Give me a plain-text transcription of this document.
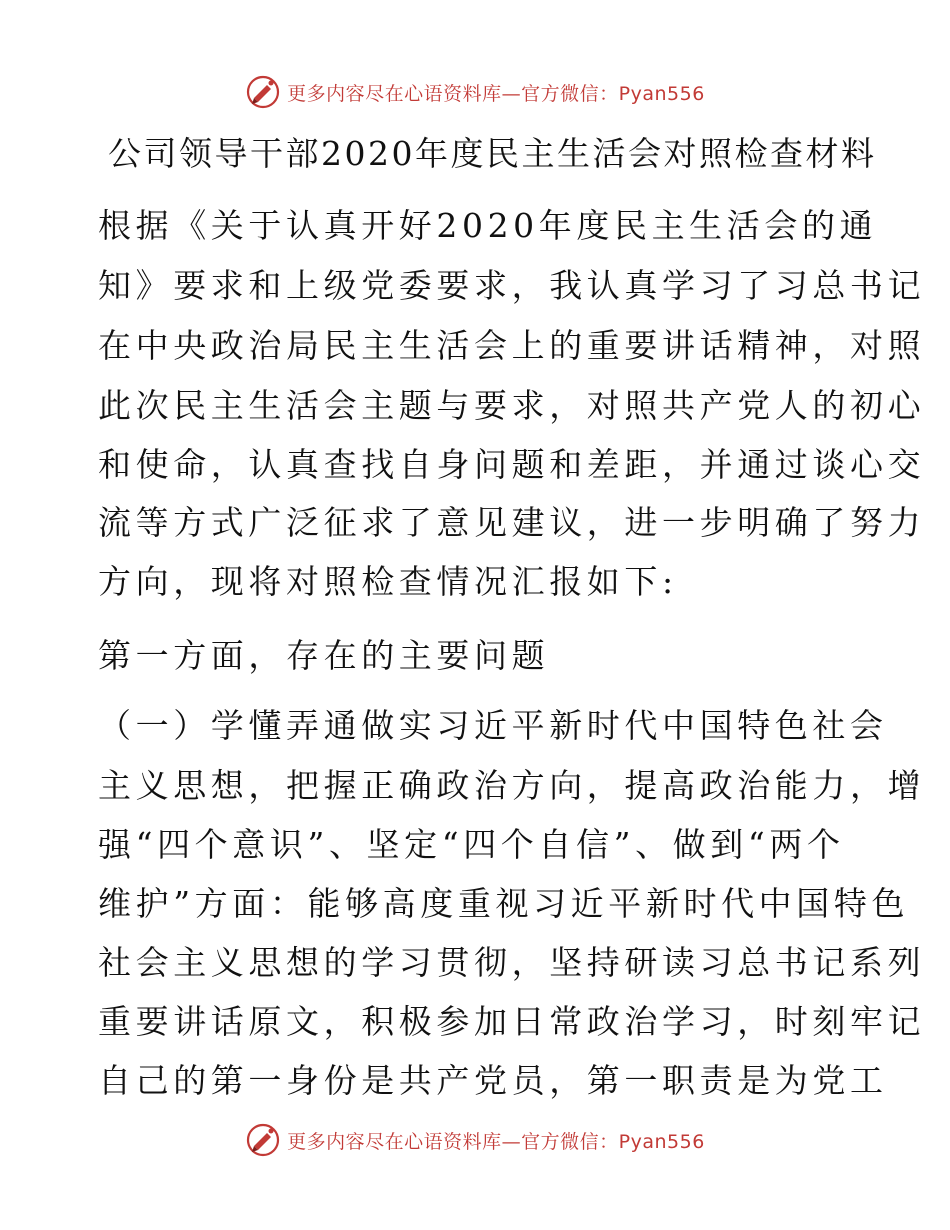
更多内容尽在心语资料库—官方微信：Pyan556
公司领导干部2020年度民主生活会对照检查材料

根据《关于认真开好2020年度民主生活会的通

知》要求和上级党委要求，我认真学习了习总书记

在中央政治局民主生活会上的重要讲话精神，对照

此次民主生活会主题与要求，对照共产党人的初心

和使命，认真查找自身问题和差距，并通过谈心交

流等方式广泛征求了意见建议，进一步明确了努力

方向，现将对照检查情况汇报如下:

第一方面，存在的主要问题

（一）学懂弄通做实习近平新时代中国特色社会

主义思想，把握正确政治方向，提高政治能力，增

强“四个意识”、坚定“四个自信”、做到“两个

维护”方面：能够高度重视习近平新时代中国特色

社会主义思想的学习贯彻，坚持研读习总书记系列

重要讲话原文，积极参加日常政治学习，时刻牢记

自己的第一身份是共产党员，第一职责是为党工

更多内容尽在心语资料库—官方微信：Pyan556
